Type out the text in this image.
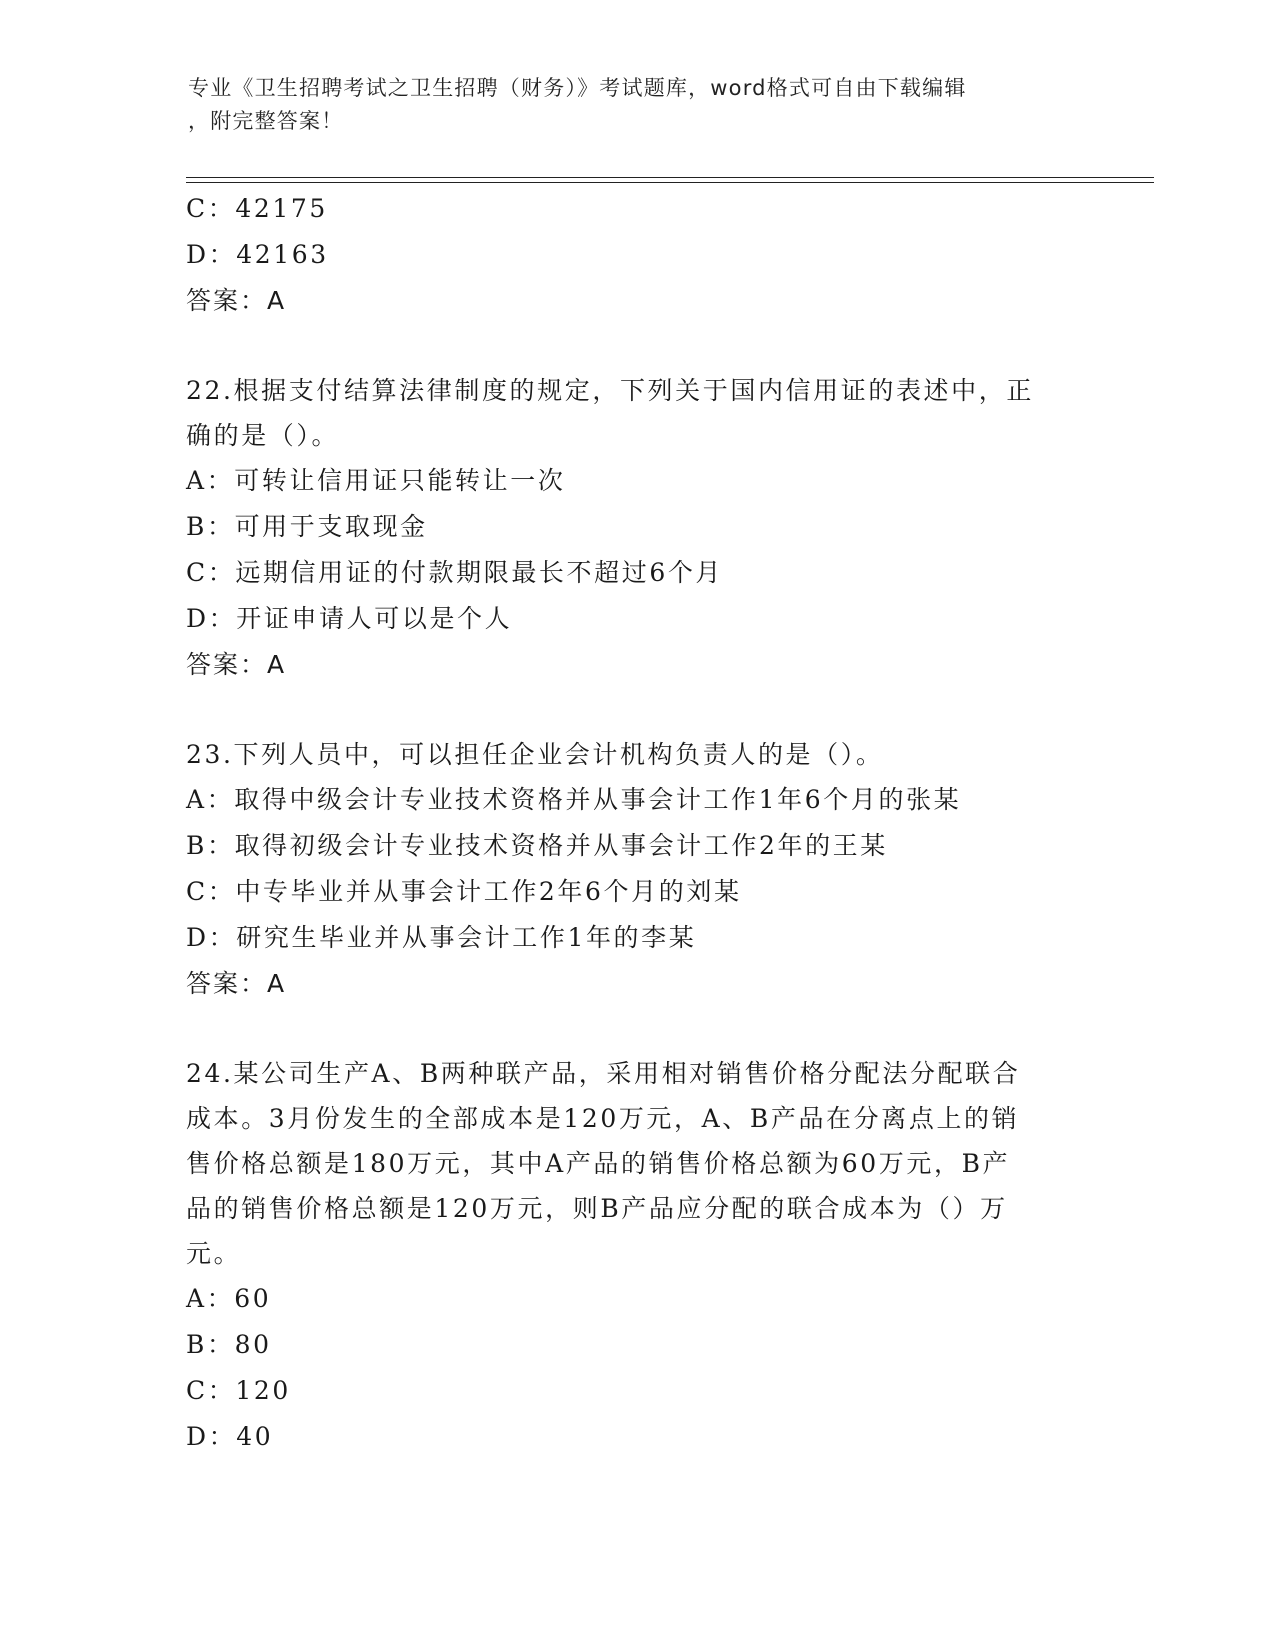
专业《卫生招聘考试之卫生招聘（财务）》考试题库，word格式可自由下载编辑
，附完整答案！
C：42175
D：42163
答案：A
22.根据支付结算法律制度的规定，下列关于国内信用证的表述中，正
确的是（）。
A：可转让信用证只能转让一次
B：可用于支取现金
C：远期信用证的付款期限最长不超过6个月
D：开证申请人可以是个人
答案：A
23.下列人员中，可以担任企业会计机构负责人的是（）。
A：取得中级会计专业技术资格并从事会计工作1年6个月的张某
B：取得初级会计专业技术资格并从事会计工作2年的王某
C：中专毕业并从事会计工作2年6个月的刘某
D：研究生毕业并从事会计工作1年的李某
答案：A
24.某公司生产A、B两种联产品，采用相对销售价格分配法分配联合
成本。3月份发生的全部成本是120万元，A、B产品在分离点上的销
售价格总额是180万元，其中A产品的销售价格总额为60万元，B产
品的销售价格总额是120万元，则B产品应分配的联合成本为（）万
元。
A：60
B：80
C：120
D：40
